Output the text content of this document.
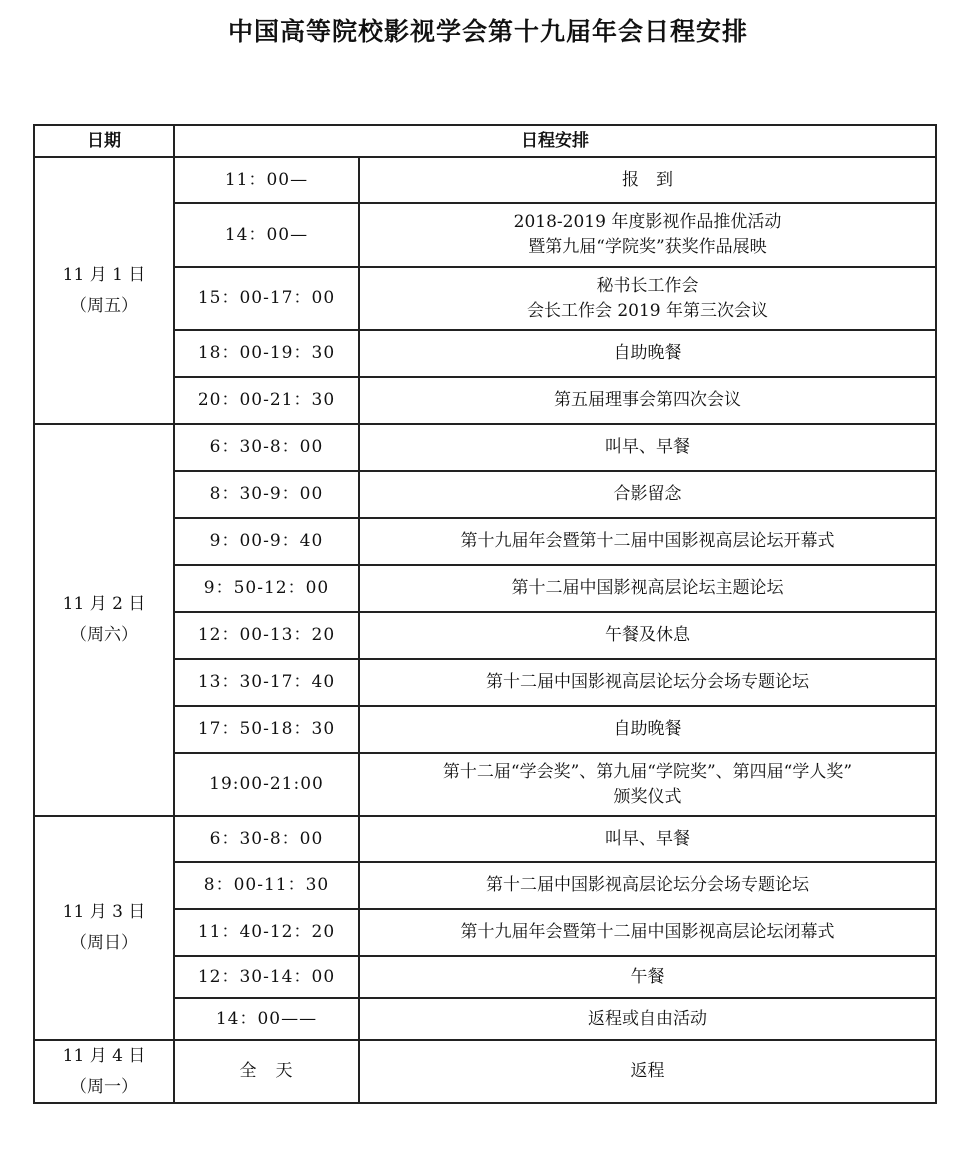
中国高等院校影视学会第十九届年会日程安排
日期	日程安排	

11 月 1 日
（周五）	11：00—	报　到

	14：00—	2018-2019 年度影视作品推优活动
暨第九届“学院奖”获奖作品展映

	15：00-17：00	秘书长工作会
会长工作会 2019 年第三次会议

	18：00-19：30	自助晚餐

	20：00-21：30	第五届理事会第四次会议

11 月 2 日
（周六）	6：30-8：00	叫早、早餐

	8：30-9：00	合影留念

	9：00-9：40	第十九届年会暨第十二届中国影视高层论坛开幕式

	9：50-12：00	第十二届中国影视高层论坛主题论坛

	12：00-13：20	午餐及休息

	13：30-17：40	第十二届中国影视高层论坛分会场专题论坛

	17：50-18：30	自助晚餐

	19:00-21:00	第十二届“学会奖”、第九届“学院奖”、第四届“学人奖”
颁奖仪式

11 月 3 日
（周日）	6：30-8：00	叫早、早餐

	8：00-11：30	第十二届中国影视高层论坛分会场专题论坛

	11：40-12：20	第十九届年会暨第十二届中国影视高层论坛闭幕式

	12：30-14：00	午餐

	14：00——	返程或自由活动

11 月 4 日
（周一）	全　天	返程
